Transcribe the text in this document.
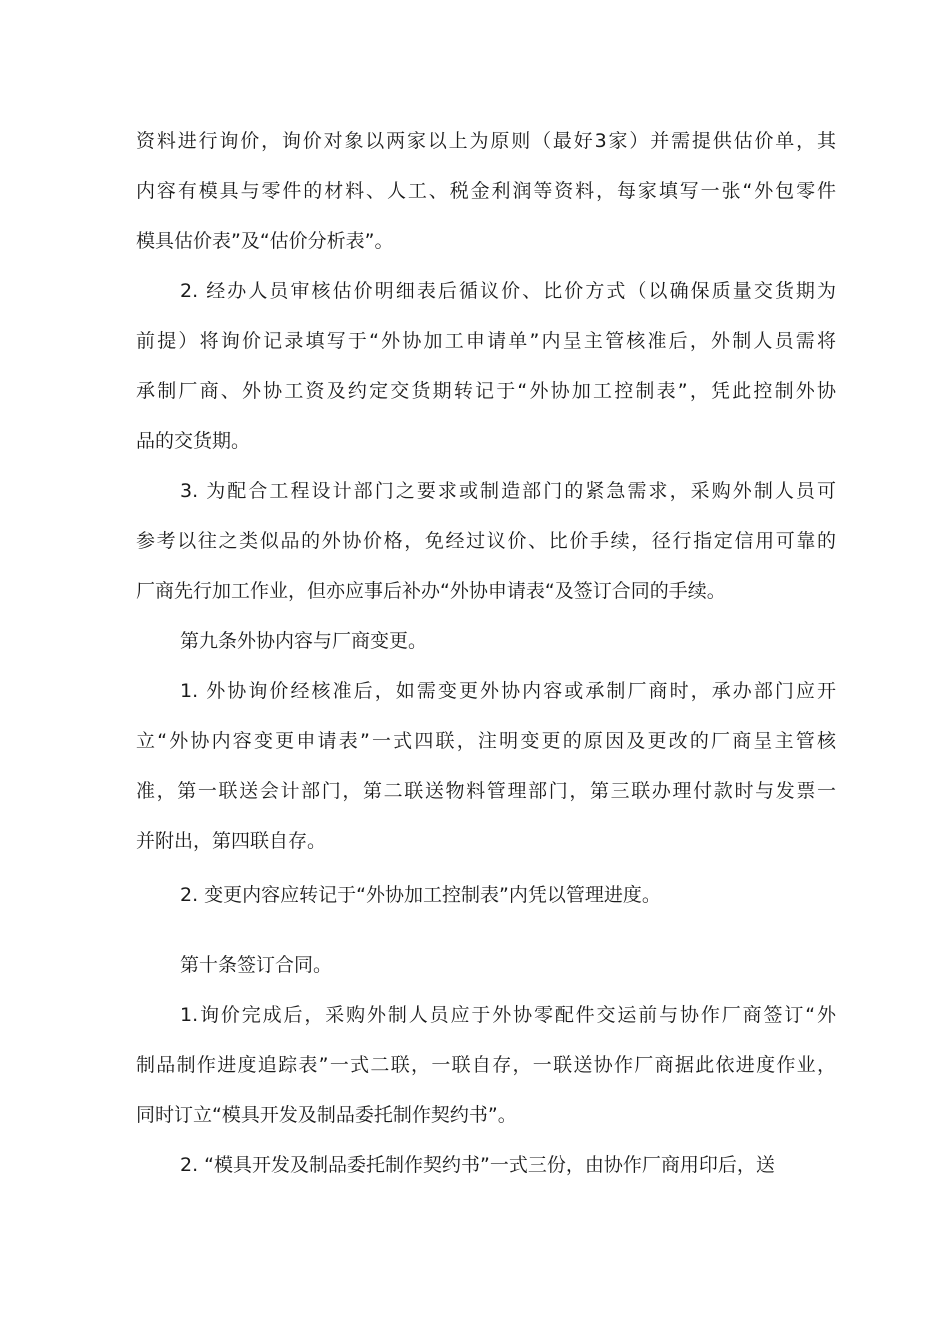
资料进行询价，询价对象以两家以上为原则（最好3家）并需提供估价单，其
内容有模具与零件的材料、人工、税金利润等资料，每家填写一张“外包零件
模具估价表”及“估价分析表”。
2. 经办人员审核估价明细表后循议价、比价方式（以确保质量交货期为
前提）将询价记录填写于“外协加工申请单”内呈主管核准后，外制人员需将
承制厂商、外协工资及约定交货期转记于“外协加工控制表”，凭此控制外协
品的交货期。
3. 为配合工程设计部门之要求或制造部门的紧急需求，采购外制人员可
参考以往之类似品的外协价格，免经过议价、比价手续，径行指定信用可靠的
厂商先行加工作业，但亦应事后补办“外协申请表“及签订合同的手续。
第九条外协内容与厂商变更。
1. 外协询价经核准后，如需变更外协内容或承制厂商时，承办部门应开
立“外协内容变更申请表”一式四联，注明变更的原因及更改的厂商呈主管核
准，第一联送会计部门，第二联送物料管理部门，第三联办理付款时与发票一
并附出，第四联自存。
2. 变更内容应转记于“外协加工控制表”内凭以管理进度。
第十条签订合同。
1.询价完成后，采购外制人员应于外协零配件交运前与协作厂商签订“外
制品制作进度追踪表”一式二联，一联自存，一联送协作厂商据此依进度作业，
同时订立“模具开发及制品委托制作契约书”。
2. “模具开发及制品委托制作契约书”一式三份，由协作厂商用印后，送
